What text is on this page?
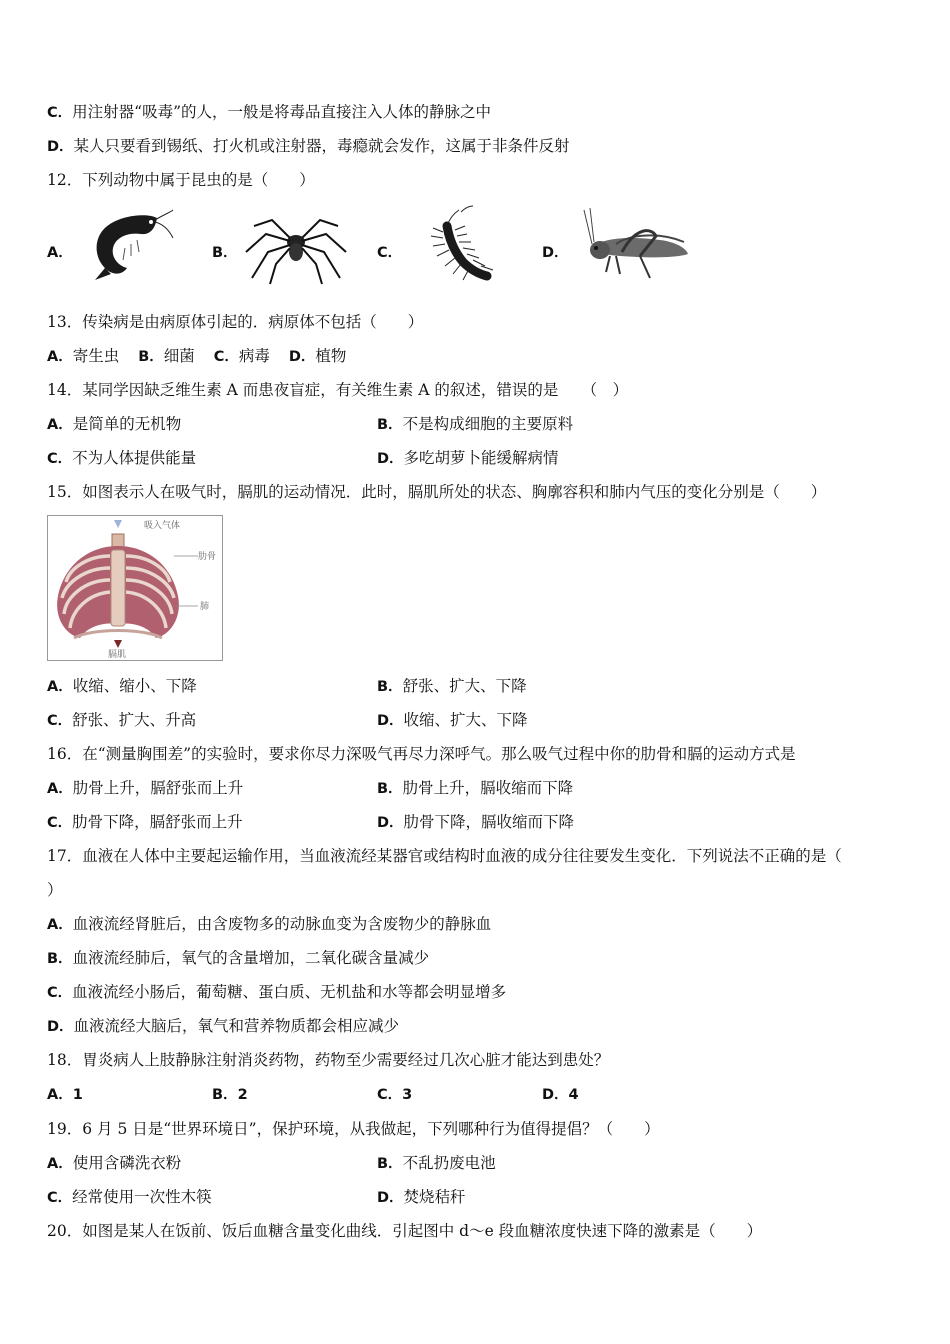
C．用注射器“吸毒”的人，一般是将毒品直接注入人体的静脉之中
D．某人只要看到锡纸、打火机或注射器，毒瘾就会发作，这属于非条件反射
12．下列动物中属于昆虫的是（　　）
A．	B．	C．	D．
13．传染病是由病原体引起的．病原体不包括（　　）
A．寄生虫 B．细菌 C．病毒 D．植物
14．某同学因缺乏维生素 A 而患夜盲症，有关维生素 A 的叙述，错误的是　　（　）
A．是简单的无机物	B．不是构成细胞的主要原料
C．不为人体提供能量	D．多吃胡萝卜能缓解病情
15．如图表示人在吸气时，膈肌的运动情况．此时，膈肌所处的状态、胸廓容积和肺内气压的变化分别是（　　）
吸入气体
肋骨
肺
膈肌
A．收缩、缩小、下降	B．舒张、扩大、下降
C．舒张、扩大、升高	D．收缩、扩大、下降
16．在“测量胸围差”的实验时，要求你尽力深吸气再尽力深呼气。那么吸气过程中你的肋骨和膈的运动方式是
A．肋骨上升，膈舒张而上升	B．肋骨上升，膈收缩而下降
C．肋骨下降，膈舒张而上升	D．肋骨下降，膈收缩而下降
17．血液在人体中主要起运输作用，当血液流经某器官或结构时血液的成分往往要发生变化．下列说法不正确的是（
）
A．血液流经肾脏后，由含废物多的动脉血变为含废物少的静脉血
B．血液流经肺后，氧气的含量增加，二氧化碳含量减少
C．血液流经小肠后，葡萄糖、蛋白质、无机盐和水等都会明显增多
D．血液流经大脑后，氧气和营养物质都会相应减少
18．胃炎病人上肢静脉注射消炎药物，药物至少需要经过几次心脏才能达到患处？
A．1	B．2	C．3	D．4
19．6 月 5 日是“世界环境日”，保护环境，从我做起，下列哪种行为值得提倡？（　　）
A．使用含磷洗衣粉	B．不乱扔废电池
C．经常使用一次性木筷	D．焚烧秸秆
20．如图是某人在饭前、饭后血糖含量变化曲线．引起图中 d～e 段血糖浓度快速下降的激素是（　　）
